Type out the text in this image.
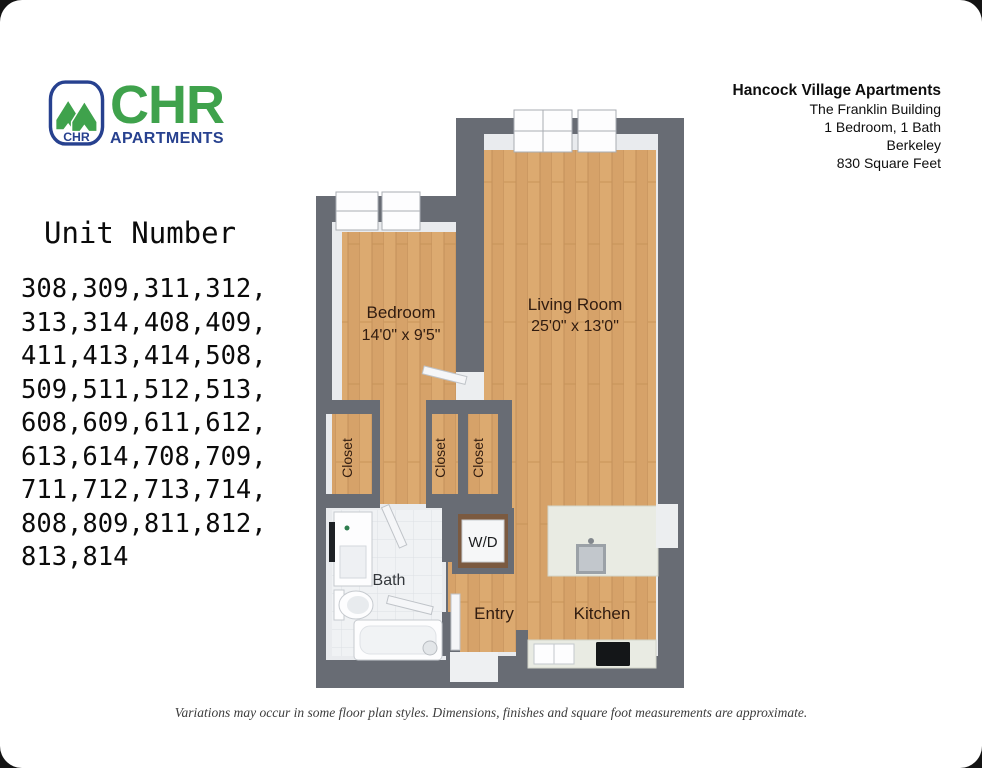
CHR
CHR
APARTMENTS
Hancock Village Apartments
The Franklin Building
1 Bedroom, 1 Bath
Berkeley
830 Square Feet
Unit Number
308,309,311,312,
313,314,408,409,
411,413,414,508,
509,511,512,513,
608,609,611,612,
613,614,708,709,
711,712,713,714,
808,809,811,812,
813,814	W/D
Bedroom
14'0" x 9'5"
Living Room
25'0" x 13'0"
Closet	Closet Closet
Bath
Entry	Kitchen
Variations may occur in some floor plan styles. Dimensions, finishes and square foot measurements are approximate.
